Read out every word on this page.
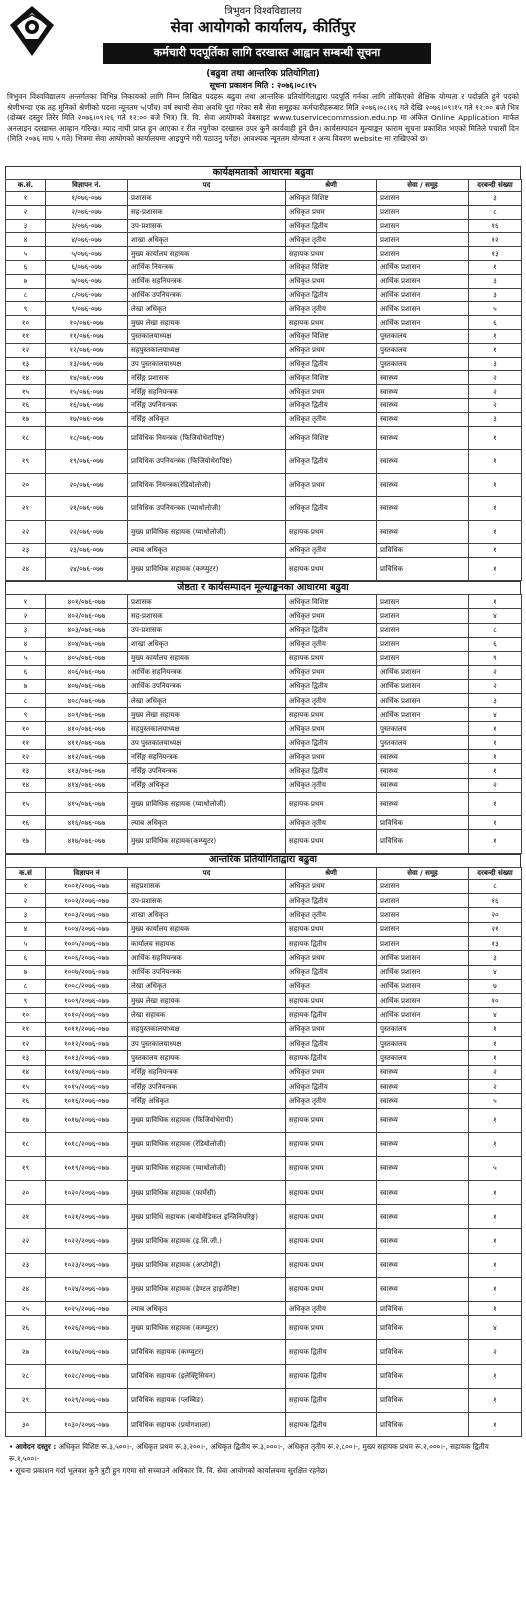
त्रिभुवन विश्वविद्यालय
सेवा आयोगको कार्यालय, कीर्तिपुर
कर्मचारी पदपूर्तिका लागि दरखास्त आह्वान सम्बन्धी सूचना
(बढुवा तथा आन्तरिक प्रतियोगिता)
सूचना प्रकाशन मिति : २०७६।०८।१५
त्रिभुवन विश्वविद्यालय अन्तर्गतका विभिन्न निकायको लागि निम्न लिखित पदहरू बढुवा तथा आन्तरिक प्रतियोगिताद्वारा पदपूर्ति गर्नका लागि तोकिएको शैक्षिक योग्यता र पदोन्नति हुने पदको श्रेणीभन्दा एक तह मुनिको श्रेणीको पदमा न्यूनतम ५(पाँच) वर्ष स्थायी सेवा अवधि पुरा गरेका सबै सेवा समूहका कर्मचारीहरूबाट मिति २०७६।०८।१६ गते देखि २०७६।०९।१५ गते १२:०० बजे भित्र (दोब्बर दस्तुर तिरेर मिति २०७६।०९।२६ गते १२:०० बजे भित्र) त्रि. वि. सेवा आयोगको वेबसाइट www.tuservicecommssion.edu.np मा अंकित Online Application मार्फत अनलाइन दरखास्त आव्हान गरिन्छ। म्याद नाघी प्राप्त हुन आएका र रीत नपुगेका दरखास्त उपर कुनै कार्यवाही हुने छैन। कार्यसम्पादन मूल्याङ्कन फाराम सूचना प्रकाशित भएको मितिले पचासौं दिन (मिति २०७६ माघ ५ गते) भित्रमा सेवा आयोगको कार्यालयमा आइपुग्ने गरी पठाउनु पर्नेछ। आवश्यक न्यूनतम योग्यता र अन्य विवरण website मा राखिएको छ।
कार्यक्षमताको आधारमा बढुवा
क.सं.	विज्ञापन नं.	पद	श्रेणी	सेवा / समूह	दरबन्दी संख्या
१	१/०७६-०७७	प्रशासक	अधिकृत विशिष्ट	प्रशासन	३
२	२/०७६-०७७	सह-प्रशासक	अधिकृत प्रथम	प्रशासन	८
३	३/०७६-०७७	उप-प्रशासक	अधिकृत द्वितीय	प्रशासन	१६
४	४/०७६-०७७	शाखा अधिकृत	अधिकृत तृतीय	प्रशासन	१२
५	५/०७६-०७७	मुख्य कार्यालय सहायक	सहायक प्रथम	प्रशासन	१३
६	६/०७६-०७७	आर्थिक नियन्त्रक	अधिकृत विशिष्ट	आर्थिक प्रशासन	१
७	७/०७६-०७७	आर्थिक सहनियन्त्रक	अधिकृत प्रथम	आर्थिक प्रशासन	३
८	८/०७६-०७७	आर्थिक उपनियन्त्रक	अधिकृत द्वितीय	आर्थिक प्रशासन	३
९	९/०७६-०७७	लेखा अधिकृत	अधिकृत तृतीय	आर्थिक प्रशासन	५
१०	१०/०७६-०७७	मुख्य लेखा सहायक	सहायक प्रथम	आर्थिक प्रशासन	६
११	११/०७६-०७७	पुस्तकालयाध्यक्ष	अधिकृत विशिष्ट	पुस्तकालय	१
१२	१२/०७६-०७७	सहपुस्तकालयाध्यक्ष	अधिकृत प्रथम	पुस्तकालय	१
१३	१३/०७६-०७७	उप पुस्तकालयाध्यक्ष	अधिकृत द्वितीय	पुस्तकालय	३
१४	१४/०७६-०७७	नर्सिङ्ग प्रशासक	अधिकृत विशिष्ट	स्वास्थ्य	२
१५	१५/०७६-०७७	नर्सिङ्ग सहनियन्त्रक	अधिकृत प्रथम	स्वास्थ्य	२
१६	१६/०७६-०७७	नर्सिङ्ग उपनियन्त्रक	अधिकृत द्वितीय	स्वास्थ्य	२
१७	१७/०७६-०७७	नर्सिङ्ग अधिकृत	अधिकृत तृतीय	स्वास्थ्य	३
१८	१८/०७६-०७७	प्राविधिक नियन्त्रक (फिजियोथेरापिष्ट)	अधिकृत विशिष्ट	स्वास्थ्य	१
१९	१९/०७६-०७७	प्राविधिक उपनियन्त्रक (फिजियोथेरापिष्ट)	अधिकृत द्वितीय	स्वास्थ्य	१
२०	२०/०७६-०७७	प्राविधिक नियन्त्रक(रेडियोलोजी)	अधिकृत प्रथम	स्वास्थ्य	१
२१	२१/०७६-०७७	प्राविधिक उपनियन्त्रक (प्याथोलोजी)	अधिकृत द्वितीय	स्वास्थ्य	१
२२	२२/०७६-०७७	मुख्य प्राविधिक सहायक (प्याथोलोजी)	सहायक प्रथम	स्वास्थ्य	१
२३	२३/०७६-०७७	ल्याब अधिकृत	अधिकृत तृतीय	प्राविधिक	१
२४	२४/०७६-०७७	मुख्य प्राविधिक सहायक (कम्प्युटर)	सहायक प्रथम	प्राविधिक	१
जेष्ठता र कार्यसम्पादन मूल्याङ्कनका आधारमा बढुवा
१	४०१/०७६-०७७	प्रशासक	अधिकृत विशिष्ट	प्रशासन	१
२	४०२/०७६-०७७	सह-प्रशासक	अधिकृत प्रथम	प्रशासन	४
३	४०३/०७६-०७७	उप-प्रशासक	अधिकृत द्वितीय	प्रशासन	८
४	४०४/०७६-०७७	शाखा अधिकृत	अधिकृत तृतीय	प्रशासन	६
५	४०५/०७६-०७७	मुख्य कार्यालय सहायक	सहायक प्रथम	प्रशासन	९
६	४०६/०७६-०७७	आर्थिक सहनियन्त्रक	अधिकृत प्रथम	आर्थिक प्रशासन	२
७	४०७/०७६-०७७	आर्थिक उपनियन्त्रक	अधिकृत द्वितीय	आर्थिक प्रशासन	२
८	४०८/०७६-०७७	लेखा अधिकृत	अधिकृत तृतीय	आर्थिक प्रशासन	३
९	४०९/०७६-०७७	मुख्य लेखा सहायक	सहायक प्रथम	आर्थिक प्रशासन	४
१०	४१०/०७६-०७७	सहपुस्तकालयाध्यक्ष	अधिकृत प्रथम	पुस्तकालय	१
११	४११/०७६-०७७	उप पुस्तकालयाध्यक्ष	अधिकृत द्वितीय	पुस्तकालय	१
१२	४१२/०७६-०७७	नर्सिङ्ग सहनियन्त्रक	अधिकृत प्रथम	स्वास्थ्य	१
१३	४१३/०७६-०७७	नर्सिङ्ग उपनियन्त्रक	अधिकृत द्वितीय	स्वास्थ्य	१
१४	४१४/०७६-०७७	नर्सिङ्ग अधिकृत	अधिकृत तृतीय	स्वास्थ्य	२
१५	४१५/०७६-०७७	मुख्य प्राविधिक सहायक (प्याथोलोजी)	सहायक प्रथम	स्वास्थ्य	१
१६	४१६/०७६-०७७	ल्याब अधिकृत	अधिकृत तृतीय	प्राविधिक	१
१७	४१७/०७६-०७७	मुख्य प्राविधिक सहायक(कम्प्युटर)	सहायक प्रथम	प्राविधिक	१
आन्तरिक प्रतियोगिताद्वारा बढुवा
क.सं	विज्ञापन नं	पद	श्रेणी	सेवा / समूह	दरबन्दी संख्या
१	१००१/२०७६-०७७	सहप्रशासक	अधिकृत प्रथम	प्रशासन	८
२	१००२/२०७६-०७७	उप-प्रशासक	अधिकृत द्वितीय	प्रशासन	१६
३	१००३/२०७६-०७७	शाखा अधिकृत	अधिकृत तृतीय	प्रशासन	२०
४	१००४/२०७६-०७७	मुख्य कार्यालय सहायक	सहायक प्रथम	प्रशासन	२१
५	१००५/२०७६-०७७	कार्यालय सहायक	सहायक द्वितीय	प्रशासन	१३
६	१००६/२०७६-०७७	आर्थिक सहनियन्त्रक	अधिकृत प्रथम	आर्थिक प्रशासन	३
७	१००७/२०७६-०७७	आर्थिक उपनियन्त्रक	अधिकृत द्वितीय	आर्थिक प्रशासन	४
८	१००८/२०७६-०७७	लेखा अधिकृत	अधिकृत	आर्थिक प्रशासन	७
९	१००९/२०७६-०७७	मुख्य लेखा सहायक	सहायक प्रथम	आर्थिक प्रशासन	१०
१०	१०१०/२०७६-०७७	लेखा सहायक	सहायक द्वितीय	आर्थिक प्रशासन	४
११	१०११/२०७६-०७७	सहपुस्तकालयाध्यक्ष	अधिकृत प्रथम	पुस्तकालय	१
१२	१०१२/२०७६-०७७	उप पुस्तकालयाध्यक्ष	अधिकृत द्वितीय	पुस्तकालय	१
१३	१०१३/२०७६-०७७	पुस्तकालय सहायक	सहायक द्वितीय	पुस्तकालय	१
१४	१०१४/२०७६-०७७	नर्सिङ्ग सहनियन्त्रक	अधिकृत प्रथम	स्वास्थ्य	२
१५	१०१५/२०७६-०७७	नर्सिङ्ग उपनियन्त्रक	अधिकृत द्वितीय	स्वास्थ्य	२
१६	१०१६/२०७६-०७७	नर्सिङ्ग अधिकृत	अधिकृत तृतीय	स्वास्थ्य	५
१७	१०१७/२०७६-०७७	मुख्य प्राविधिक सहायक (फिजियोथेरापी)	सहायक प्रथम	स्वास्थ्य	१
१८	१०१८/२०७६-०७७	मुख्य प्राविधिक सहायक (रेडियोलोजी)	सहायक प्रथम	स्वास्थ्य	१
१९	१०१९/२०७६-०७७	मुख्य प्राविधिक सहायक (प्याथोलोजी)	सहायक प्रथम	स्वास्थ्य	५
२०	१०२०/२०७६-०७७	मुख्य प्राविधिक सहायक (फार्मेसी)	सहायक प्रथम	स्वास्थ्य	१
२१	१०२१/२०७६-०७७	मुख्य प्राविधि सहायक (बायोमेडिकल इन्जिनियरिङ्ग)	सहायक प्रथम	स्वास्थ्य	१
२२	१०२२/२०७६-०७७	मुख्य प्राविधिक सहायक (इ.सि.जी.)	सहायक प्रथम	स्वास्थ्य	१
२३	१०२३/२०७६-०७७	मुख्य प्राविधिक सहायक (अप्टोमेट्री)	सहायक प्रथम	स्वास्थ्य	१
२४	१०२४/२०७६-०७७	मुख्य प्राविधिक सहायक (डेण्टल हाइजेनिष्ट)	सहायक प्रथम	स्वास्थ्य	१
२५	१०२५/२०७६-०७७	ल्याब अधिकृत	अधिकृत तृतीय	प्राविधिक	१
२६	१०२६/२०७६-०७७	मुख्य प्राविधिक सहायक (कम्प्युटर)	सहायक प्रथम	प्राविधिक	४
२७	१०२७/२०७६-०७७	प्राविधिक सहायक (कम्प्युटर)	सहायक द्वितीय	प्राविधिक	२
२८	१०२८/२०७६-०७७	प्राविधिक सहायक (इलेक्ट्रिसियन)	सहायक द्वितीय	प्राविधिक	१
२९	१०२९/२०७६-०७७	प्राविधिक सहायक (प्लम्बिङ)	सहायक द्वितीय	प्राविधिक	१
३०	१०३०/२०७६-०७७	प्राविधिक सहायक (प्रयोगशाला)	सहायक द्वितीय	प्राविधिक	१
• आवेदन दस्तुर : अधिकृत विशिष्ट रू.३,५००।-, अधिकृत प्रथम रू.३,२००।-, अधिकृत द्वितीय रू.३,०००।-, अधिकृत तृतीय रू.२,८००।-, मुख्य सहायक प्रथम रू.२,०००।-, सहायक द्वितीय रू.१,५००।-
• सूचना प्रकाशन गर्दा भूलवश कुनै त्रुटी हुन गएमा सो सच्याउने अधिकार त्रि. वि. सेवा आयोगको कार्यालयमा सुरक्षित रहनेछ।
